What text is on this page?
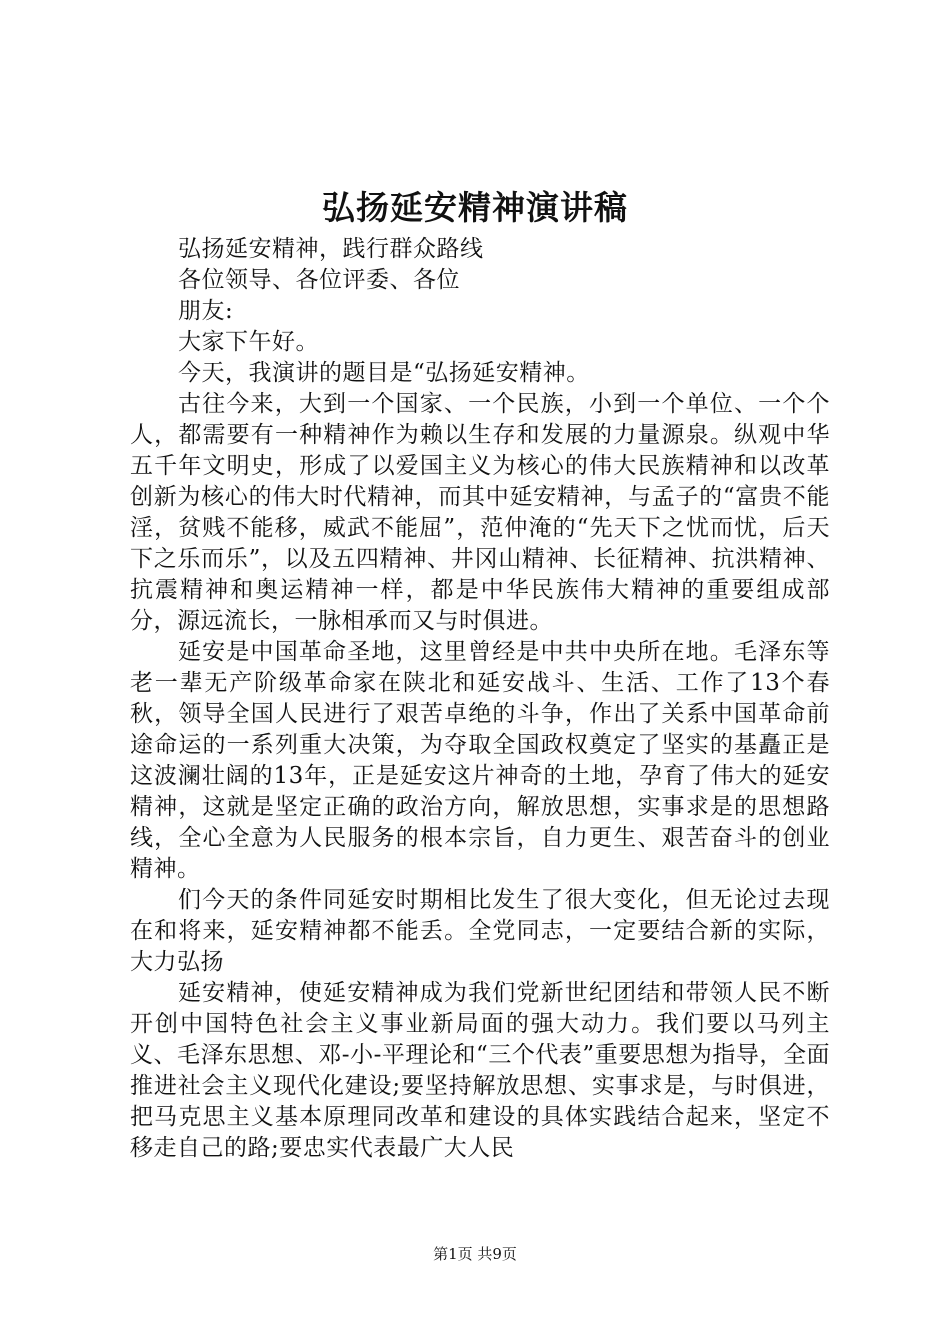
弘扬延安精神演讲稿

弘扬延安精神，践行群众路线

各位领导、各位评委、各位

朋友:

大家下午好。

今天，我演讲的题目是“弘扬延安精神。

古往今来，大到一个国家、一个民族，小到一个单位、一个个人，都需要有一种精神作为赖以生存和发展的力量源泉。纵观中华五千年文明史，形成了以爱国主义为核心的伟大民族精神和以改革创新为核心的伟大时代精神，而其中延安精神，与孟子的“富贵不能淫，贫贱不能移，威武不能屈”，范仲淹的“先天下之忧而忧，后天下之乐而乐”，以及五四精神、井冈山精神、长征精神、抗洪精神、抗震精神和奥运精神一样，都是中华民族伟大精神的重要组成部分，源远流长，一脉相承而又与时俱进。

延安是中国革命圣地，这里曾经是中共中央所在地。毛泽东等老一辈无产阶级革命家在陕北和延安战斗、生活、工作了13个春秋，领导全国人民进行了艰苦卓绝的斗争，作出了关系中国革命前途命运的一系列重大决策，为夺取全国政权奠定了坚实的基矗正是这波澜壮阔的13年，正是延安这片神奇的土地，孕育了伟大的延安精神，这就是坚定正确的政治方向，解放思想，实事求是的思想路线，全心全意为人民服务的根本宗旨，自力更生、艰苦奋斗的创业精神。

们今天的条件同延安时期相比发生了很大变化，但无论过去现在和将来，延安精神都不能丢。全党同志，一定要结合新的实际，大力弘扬

延安精神，使延安精神成为我们党新世纪团结和带领人民不断开创中国特色社会主义事业新局面的强大动力。我们要以马列主义、毛泽东思想、邓-小-平理论和“三个代表”重要思想为指导，全面推进社会主义现代化建设;要坚持解放思想、实事求是，与时俱进，把马克思主义基本原理同改革和建设的具体实践结合起来，坚定不移走自己的路;要忠实代表最广大人民

第1页 共9页
